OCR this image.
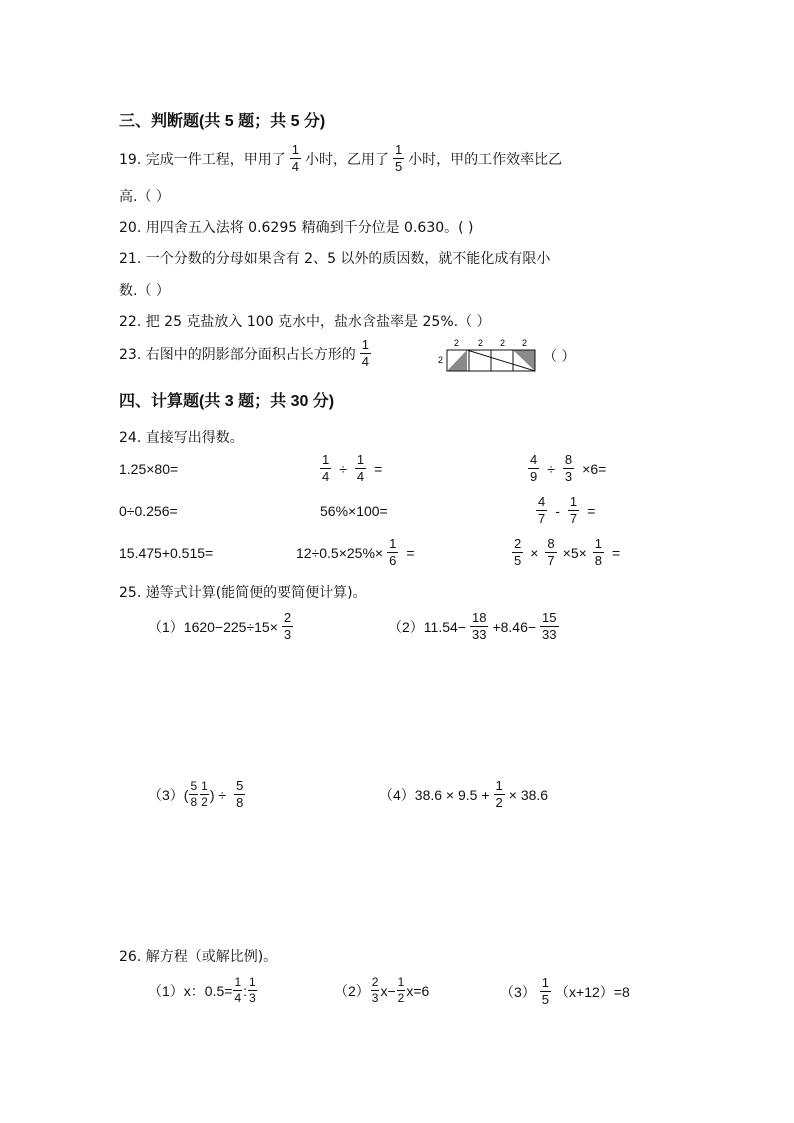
三、判断题(共 5 题；共 5 分)
19. 完成一件工程，甲用了 $\frac{1}{4}$ 小时，乙用了 $\frac{1}{5}$ 小时，甲的工作效率比乙
高.（ ）
20. 用四舍五入法将 0.6295 精确到千分位是 0.630。( )
21. 一个分数的分母如果含有 2、5 以外的质因数，就不能化成有限小
数.（ ）
22. 把 25 克盐放入 100 克水中，盐水含盐率是 25%.（ ）
23. 右图中的阴影部分面积占长方形的 $\frac{1}{4}$	2 2 2 2
2	（ ）
四、计算题(共 3 题；共 30 分)
24. 直接写出得数。
1.25×80=	$\frac{1}{4} \div \frac{1}{4}$ =	$\frac{4}{9} \div \frac{8}{3} \times 6=$
0÷0.256=	56%×100=	$\frac{4}{7} - \frac{1}{7}$ =
15.475+0.515=	$12\div 0.5\times 25\%\times \frac{1}{6}$ =	$\frac{2}{5} \times \frac{8}{7} \times 5\times \frac{1}{8}$ =
25. 递等式计算(能简便的要简便计算)。
$(1)1620-225\div 15\times \frac{2}{3}$	$(2)11.54- \frac{18}{33} +8.46- \frac{15}{33}$
$(3)( \frac{5}{8} \frac{1}{2}$ ) ÷ $\frac{5}{8}$	$(4)38.6 \times 9.5 + \frac{1}{2} \times 38.6$
26. 解方程（或解比例)。
（1）x：$0.5= \frac{1}{4}$ : $\frac{1}{3}$	$(2) \frac{2}{3} x- \frac{1}{2} x=6$	$(3) \frac{1}{5} (x+12)=8$
